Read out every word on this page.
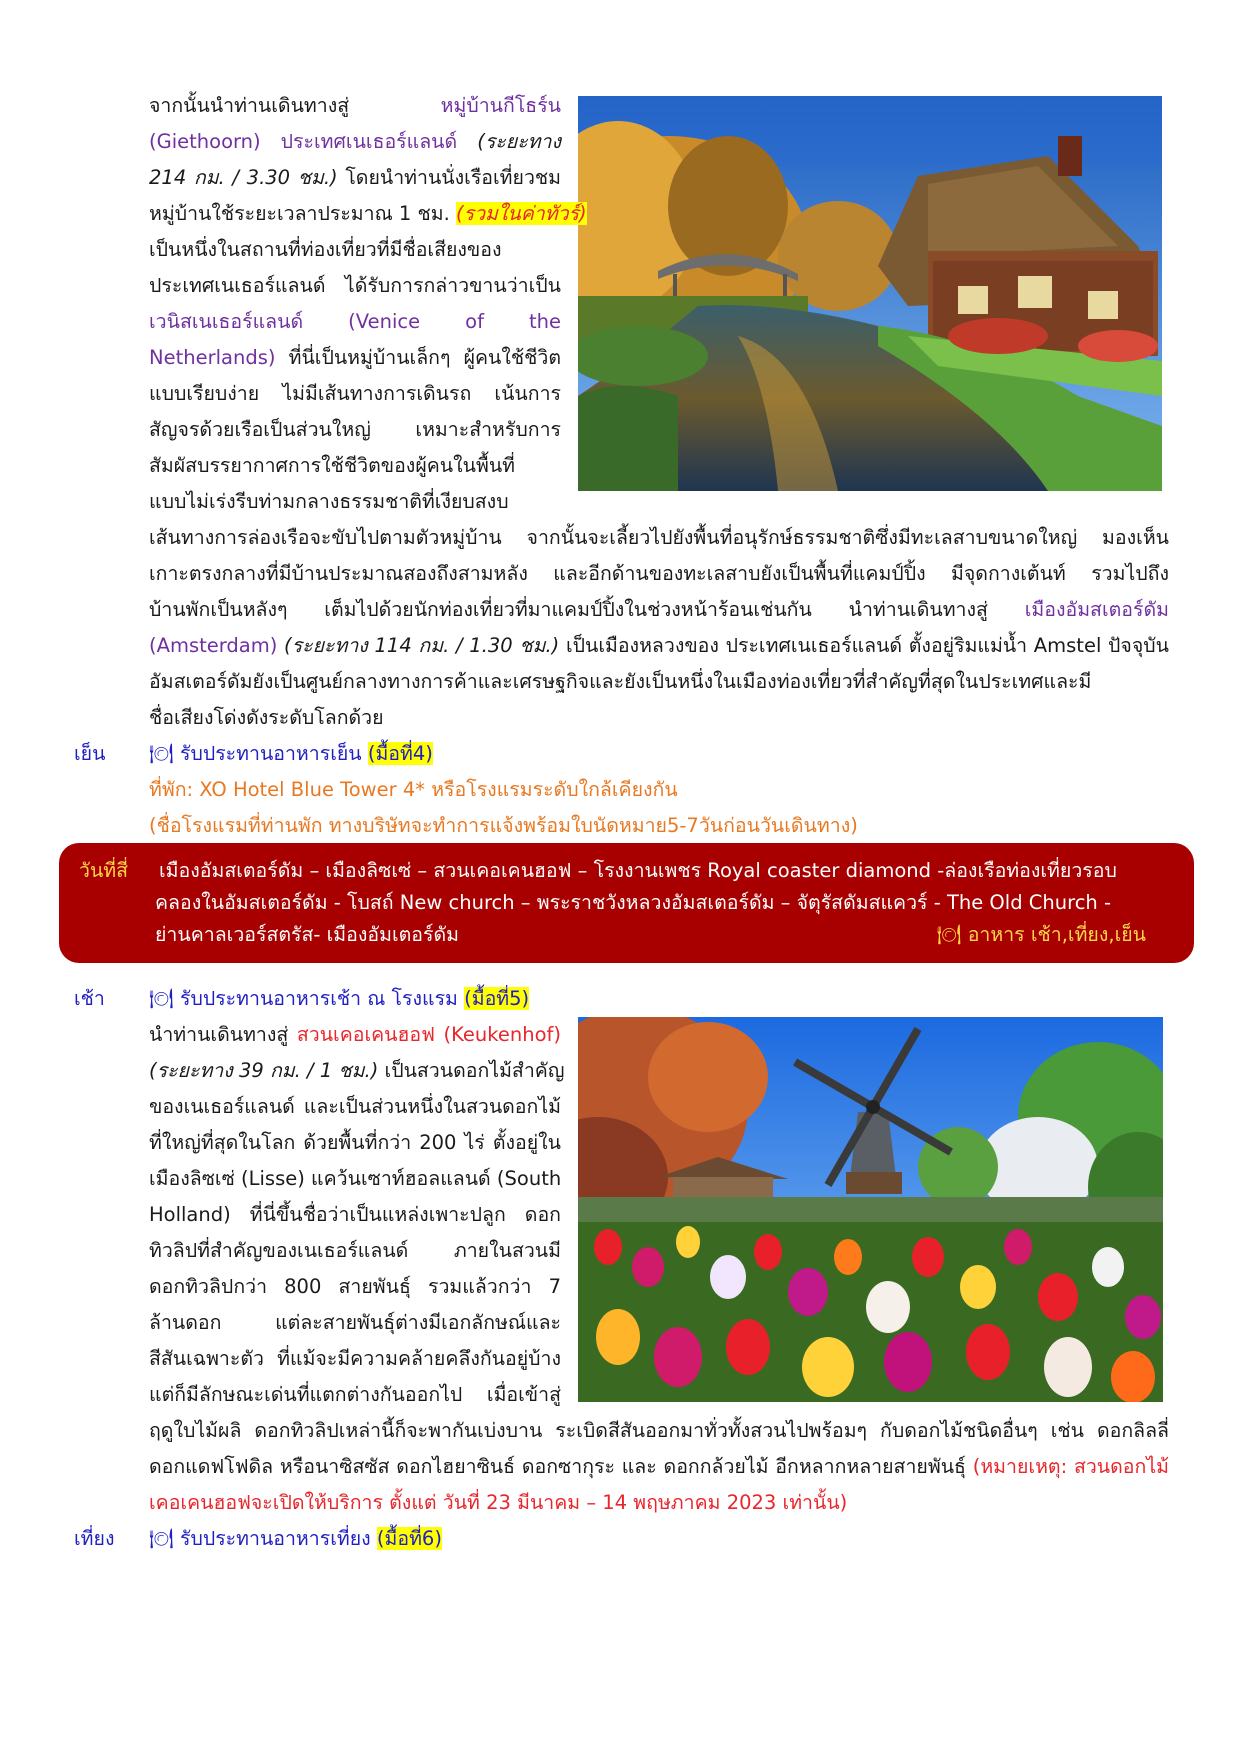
จากนั้นนำท่านเดินทางสู่ หมู่บ้านกีโธร์น
(Giethoorn) ประเทศเนเธอร์แลนด์ (ระยะทาง
214 กม. / 3.30 ชม.) โดยนำท่านนั่งเรือเที่ยวชม
หมู่บ้านใช้ระยะเวลาประมาณ 1 ชม. (รวมในค่าทัวร์)
เป็นหนึ่งในสถานที่ท่องเที่ยวที่มีชื่อเสียงของ
ประเทศเนเธอร์แลนด์ ได้รับการกล่าวขานว่าเป็น
เวนิสเนเธอร์แลนด์ (Venice of the
Netherlands) ที่นี่เป็นหมู่บ้านเล็กๆ ผู้คนใช้ชีวิต
แบบเรียบง่าย ไม่มีเส้นทางการเดินรถ เน้นการ
สัญจรด้วยเรือเป็นส่วนใหญ่ เหมาะสำหรับการ
สัมผัสบรรยากาศการใช้ชีวิตของผู้คนในพื้นที่
แบบไม่เร่งรีบท่ามกลางธรรมชาติที่เงียบสงบ
เส้นทางการล่องเรือจะขับไปตามตัวหมู่บ้าน จากนั้นจะเลี้ยวไปยังพื้นที่อนุรักษ์ธรรมชาติซึ่งมีทะเลสาบขนาดใหญ่ มองเห็น
เกาะตรงกลางที่มีบ้านประมาณสองถึงสามหลัง และอีกด้านของทะเลสาบยังเป็นพื้นที่แคมป์ปิ้ง มีจุดกางเต้นท์ รวมไปถึง
บ้านพักเป็นหลังๆ เต็มไปด้วยนักท่องเที่ยวที่มาแคมป์ปิ้งในช่วงหน้าร้อนเช่นกัน นำท่านเดินทางสู่ เมืองอัมสเตอร์ดัม
(Amsterdam) (ระยะทาง 114 กม. / 1.30 ชม.) เป็นเมืองหลวงของ ประเทศเนเธอร์แลนด์ ตั้งอยู่ริมแม่น้ำ Amstel ปัจจุบัน
อัมสเตอร์ดัมยังเป็นศูนย์กลางทางการค้าและเศรษฐกิจและยังเป็นหนึ่งในเมืองท่องเที่ยวที่สำคัญที่สุดในประเทศและมี
ชื่อเสียงโด่งดังระดับโลกด้วย
เย็น 🍽 รับประทานอาหารเย็น (มื้อที่4)
ที่พัก: XO Hotel Blue Tower 4* หรือโรงแรมระดับใกล้เคียงกัน
(ชื่อโรงแรมที่ท่านพัก ทางบริษัทจะทำการแจ้งพร้อมใบนัดหมาย5-7วันก่อนวันเดินทาง)
วันที่สี่ เมืองอัมสเตอร์ดัม – เมืองลิซเซ่ – สวนเคอเคนฮอฟ – โรงงานเพชร Royal coaster diamond -ล่องเรือท่องเที่ยวรอบ
คลองในอัมสเตอร์ดัม - โบสถ์ New church – พระราชวังหลวงอัมสเตอร์ดัม – จัตุรัสดัมสแควร์ - The Old Church -
ย่านคาลเวอร์สตรัส- เมืองอัมเตอร์ดัม	🍽 อาหาร เช้า,เที่ยง,เย็น
เช้า 🍽 รับประทานอาหารเช้า ณ โรงแรม (มื้อที่5)
นำท่านเดินทางสู่ สวนเคอเคนฮอฟ (Keukenhof)
(ระยะทาง 39 กม. / 1 ชม.) เป็นสวนดอกไม้สำคัญ
ของเนเธอร์แลนด์ และเป็นส่วนหนึ่งในสวนดอกไม้
ที่ใหญ่ที่สุดในโลก ด้วยพื้นที่กว่า 200 ไร่ ตั้งอยู่ใน
เมืองลิซเซ่ (Lisse) แคว้นเซาท์ฮอลแลนด์ (South
Holland) ที่นี่ขึ้นชื่อว่าเป็นแหล่งเพาะปลูก ดอก
ทิวลิปที่สำคัญของเนเธอร์แลนด์ ภายในสวนมี
ดอกทิวลิปกว่า 800 สายพันธุ์ รวมแล้วกว่า 7
ล้านดอก แต่ละสายพันธุ์ต่างมีเอกลักษณ์และ
สีสันเฉพาะตัว ที่แม้จะมีความคล้ายคลึงกันอยู่บ้าง
แต่ก็มีลักษณะเด่นที่แตกต่างกันออกไป เมื่อเข้าสู่
ฤดูใบไม้ผลิ ดอกทิวลิปเหล่านี้ก็จะพากันเบ่งบาน ระเบิดสีสันออกมาทั่วทั้งสวนไปพร้อมๆ กับดอกไม้ชนิดอื่นๆ เช่น ดอกลิลลี่
ดอกแดฟโฟดิล หรือนาซิสซัส ดอกไฮยาซินธ์ ดอกซากุระ และ ดอกกล้วยไม้ อีกหลากหลายสายพันธุ์ (หมายเหตุ: สวนดอกไม้
เคอเคนฮอฟจะเปิดให้บริการ ตั้งแต่ วันที่ 23 มีนาคม – 14 พฤษภาคม 2023 เท่านั้น)
เที่ยง 🍽 รับประทานอาหารเที่ยง (มื้อที่6)
